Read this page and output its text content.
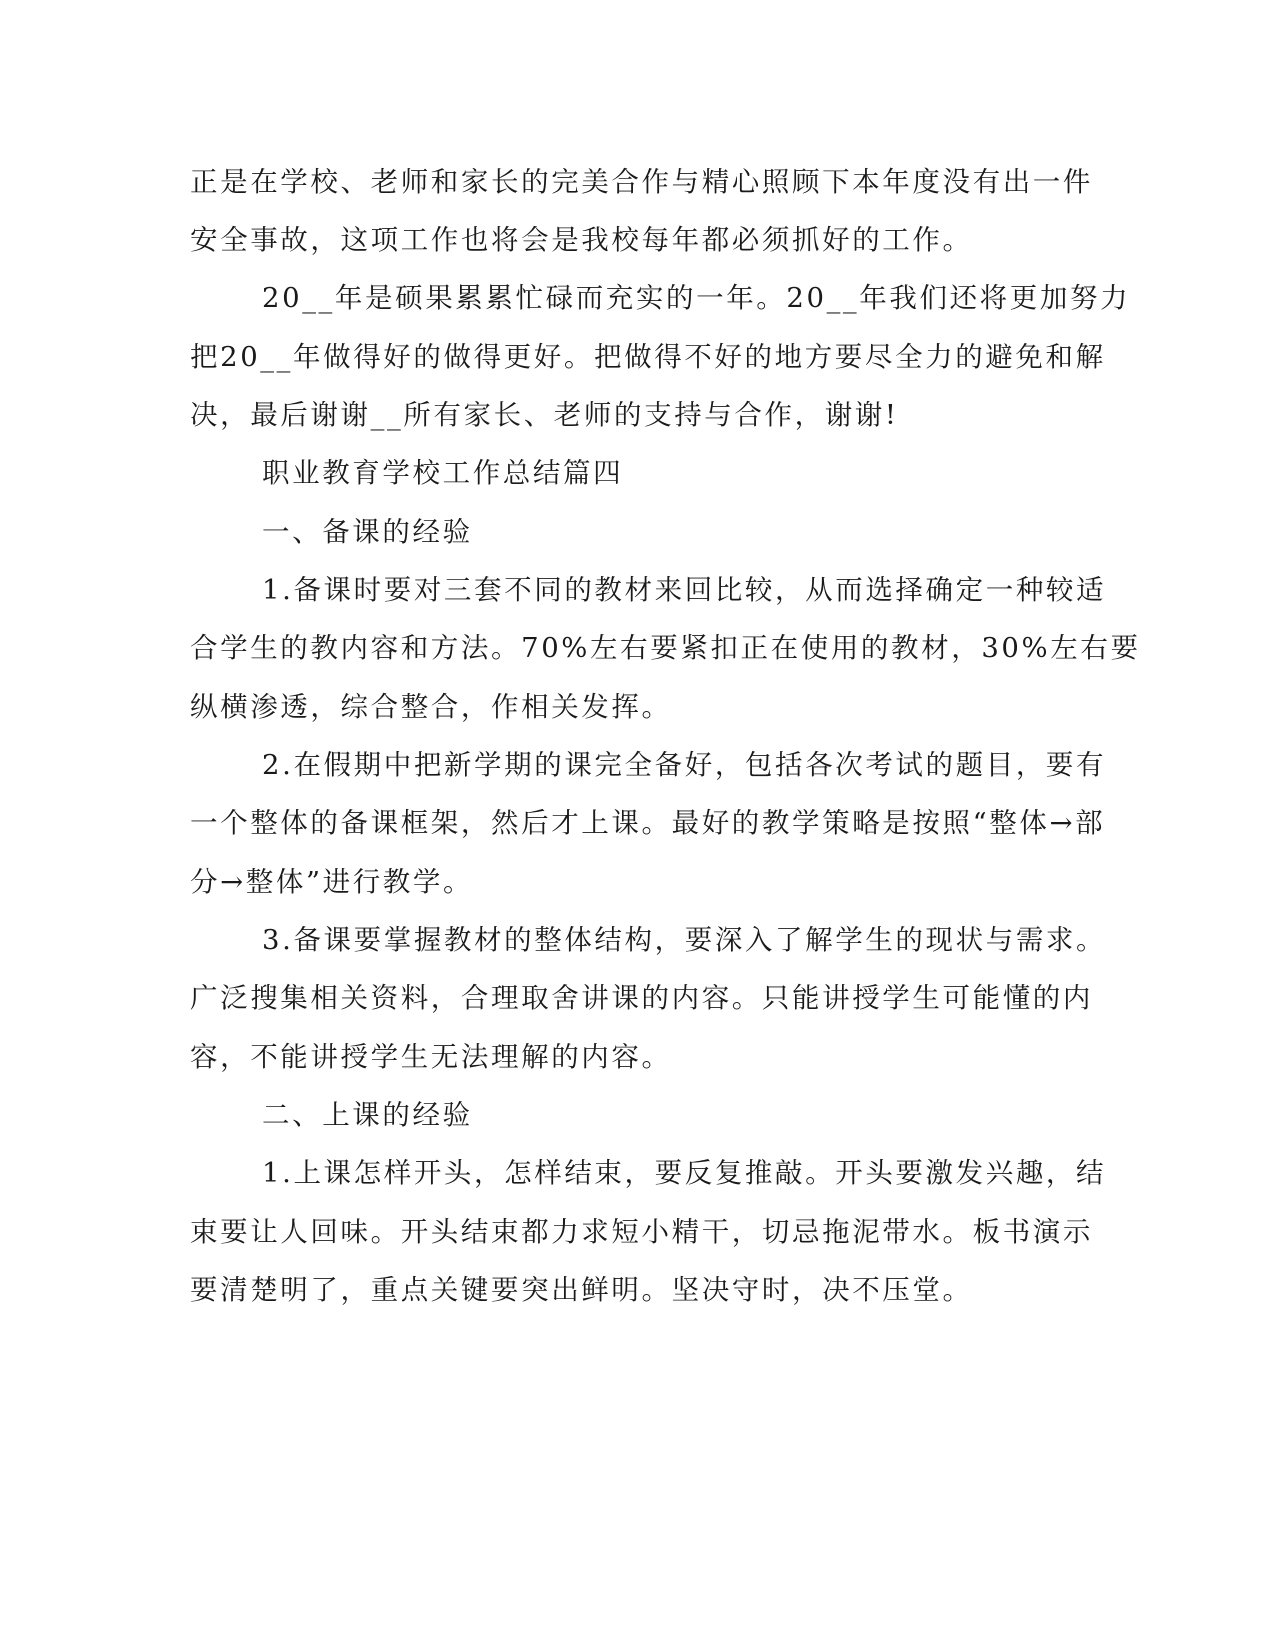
正是在学校、老师和家长的完美合作与精心照顾下本年度没有出一件
安全事故，这项工作也将会是我校每年都必须抓好的工作。
20__年是硕果累累忙碌而充实的一年。20__年我们还将更加努力
把20__年做得好的做得更好。把做得不好的地方要尽全力的避免和解
决，最后谢谢__所有家长、老师的支持与合作，谢谢!
职业教育学校工作总结篇四
一、备课的经验
1.备课时要对三套不同的教材来回比较，从而选择确定一种较适
合学生的教内容和方法。70%左右要紧扣正在使用的教材，30%左右要
纵横渗透，综合整合，作相关发挥。
2.在假期中把新学期的课完全备好，包括各次考试的题目，要有
一个整体的备课框架，然后才上课。最好的教学策略是按照“整体→部
分→整体”进行教学。
3.备课要掌握教材的整体结构，要深入了解学生的现状与需求。
广泛搜集相关资料，合理取舍讲课的内容。只能讲授学生可能懂的内
容，不能讲授学生无法理解的内容。
二、上课的经验
1.上课怎样开头，怎样结束，要反复推敲。开头要激发兴趣，结
束要让人回味。开头结束都力求短小精干，切忌拖泥带水。板书演示
要清楚明了，重点关键要突出鲜明。坚决守时，决不压堂。
